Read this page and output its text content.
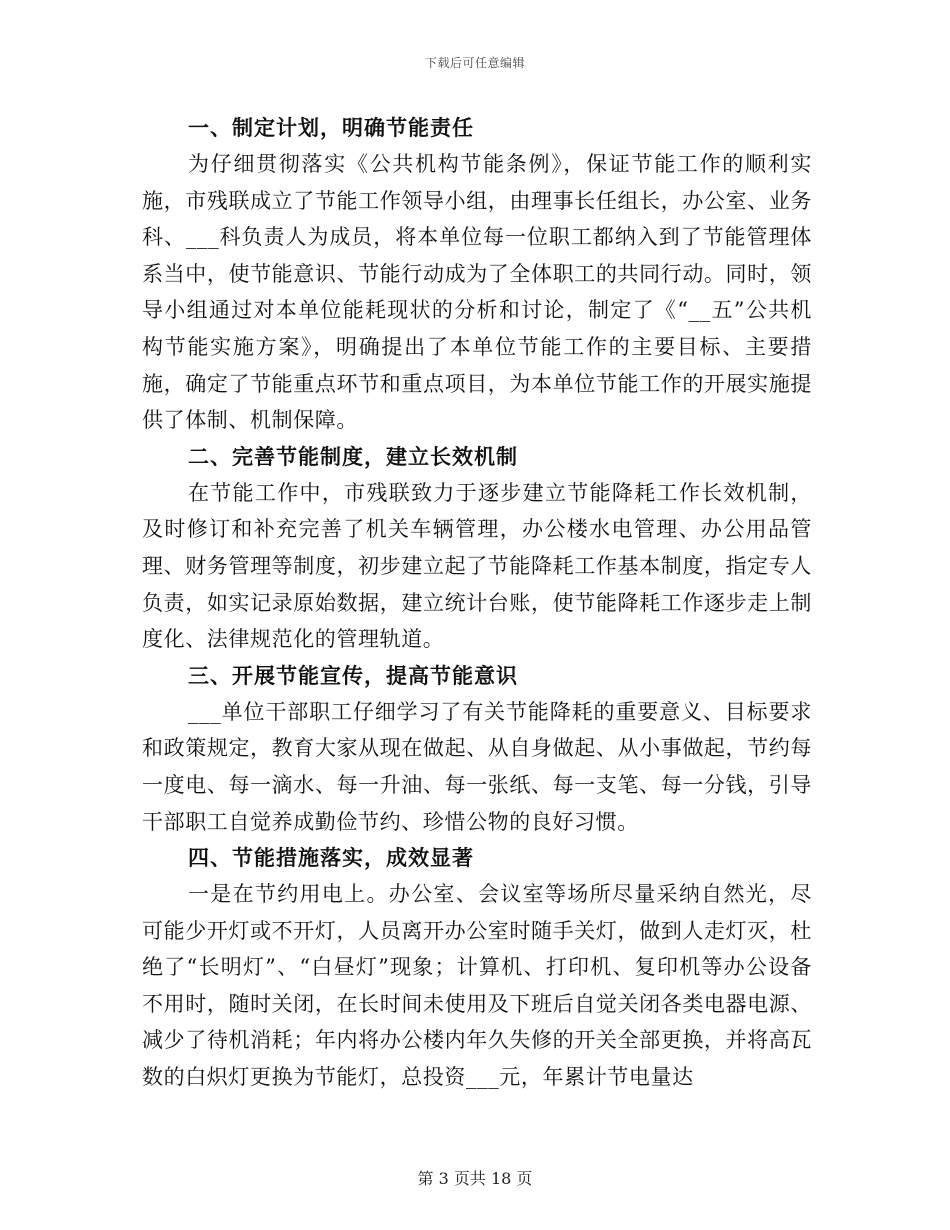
下载后可任意编辑
一、制定计划，明确节能责任

为仔细贯彻落实《公共机构节能条例》，保证节能工作的顺利实施，市残联成立了节能工作领导小组，由理事长任组长，办公室、业务科、___科负责人为成员，将本单位每一位职工都纳入到了节能管理体系当中，使节能意识、节能行动成为了全体职工的共同行动。同时，领导小组通过对本单位能耗现状的分析和讨论，制定了《“__五”公共机构节能实施方案》，明确提出了本单位节能工作的主要目标、主要措施，确定了节能重点环节和重点项目，为本单位节能工作的开展实施提供了体制、机制保障。

二、完善节能制度，建立长效机制

在节能工作中，市残联致力于逐步建立节能降耗工作长效机制，及时修订和补充完善了机关车辆管理，办公楼水电管理、办公用品管理、财务管理等制度，初步建立起了节能降耗工作基本制度，指定专人负责，如实记录原始数据，建立统计台账，使节能降耗工作逐步走上制度化、法律规范化的管理轨道。

三、开展节能宣传，提高节能意识

___单位干部职工仔细学习了有关节能降耗的重要意义、目标要求和政策规定，教育大家从现在做起、从自身做起、从小事做起，节约每一度电、每一滴水、每一升油、每一张纸、每一支笔、每一分钱，引导干部职工自觉养成勤俭节约、珍惜公物的良好习惯。

四、节能措施落实，成效显著

一是在节约用电上。办公室、会议室等场所尽量采纳自然光，尽可能少开灯或不开灯，人员离开办公室时随手关灯，做到人走灯灭，杜绝了“长明灯”、“白昼灯”现象；计算机、打印机、复印机等办公设备不用时，随时关闭，在长时间未使用及下班后自觉关闭各类电器电源、减少了待机消耗；年内将办公楼内年久失修的开关全部更换，并将高瓦数的白炽灯更换为节能灯，总投资___元，年累计节电量达

第 3 页共 18 页
